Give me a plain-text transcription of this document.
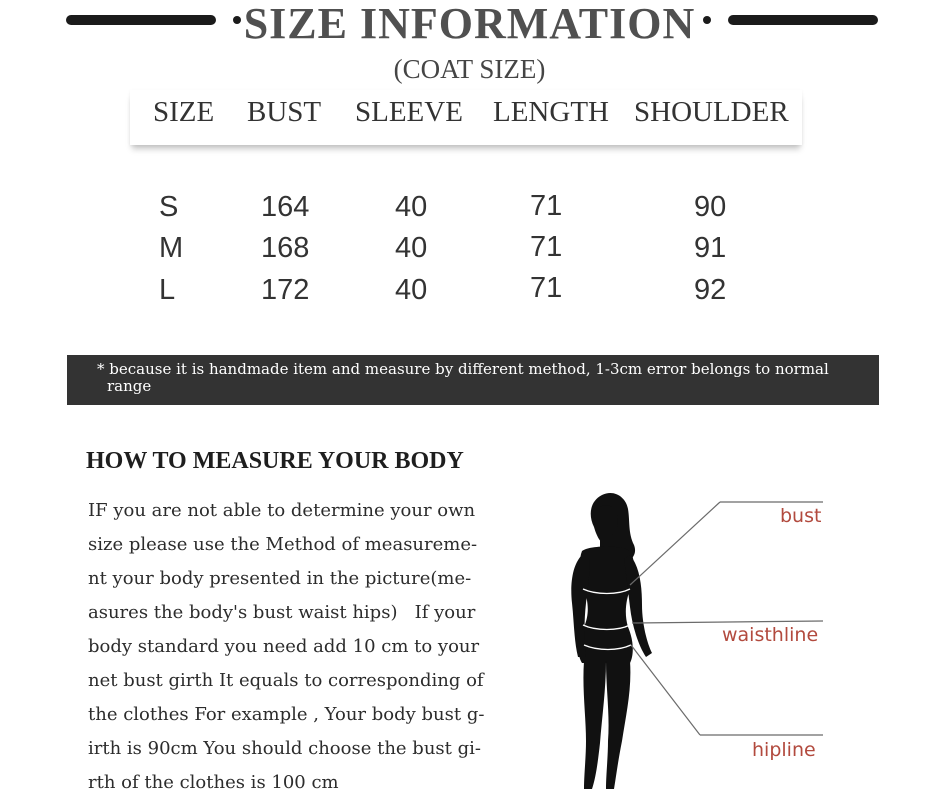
SIZE INFORMATION

(COAT SIZE)

SIZE BUST SLEEVE LENGTH SHOULDER
S	164	40	71	90
M	168	40	71	91
L	172	40	71	92

* because it is handmade item and measure by different method, 1-3cm error belongs to normal range

HOW TO MEASURE YOUR BODY
IF you are not able to determine your own
size please use the Method of measureme-
nt your body presented in the picture(me-
asures the body's bust waist hips)   If your
body standard you need add 10 cm to your
net bust girth It equals to corresponding of
the clothes For example , Your body bust g-
irth is 90cm You should choose the bust gi-
rth of the clothes is 100 cm
bust
waisthline
hipline
